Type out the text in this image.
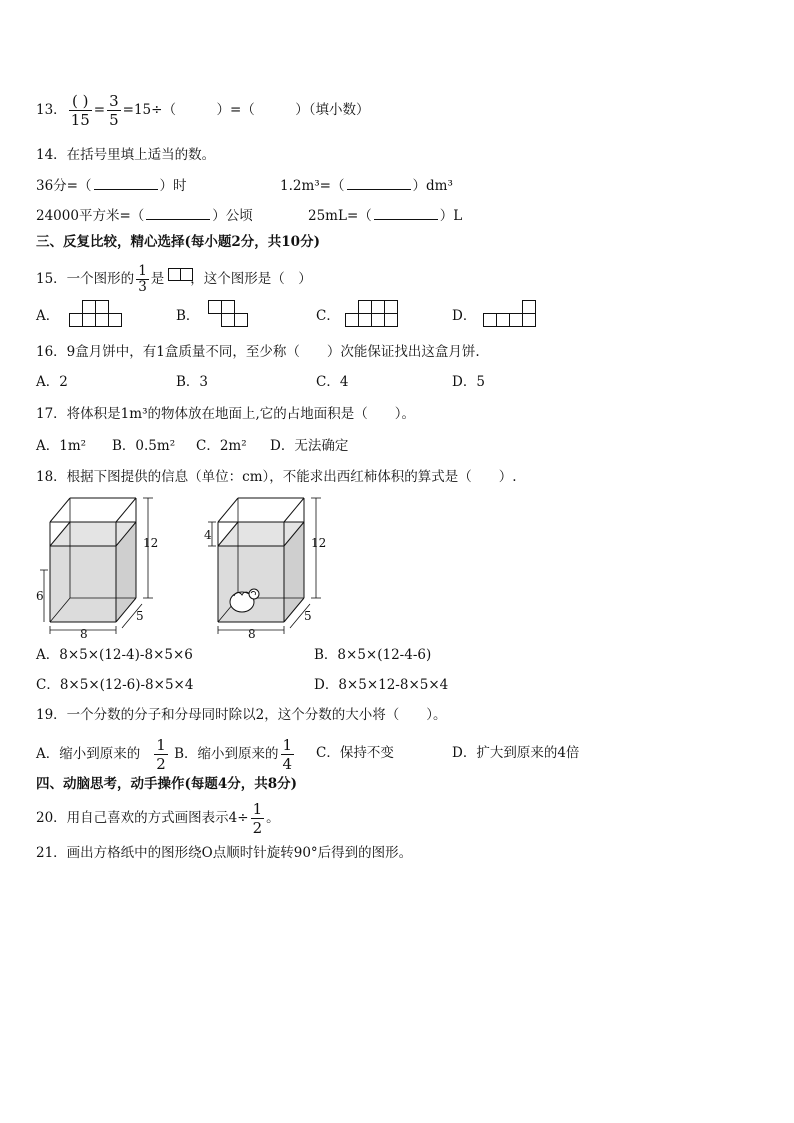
13． $\frac{( )}{15} = \frac{3}{5} =15\div$（　　　）=（　　　）（填小数）
14．在括号里填上适当的数。
36分=（	）时	1.2m³=（	）dm³
24000平方米=（	）公顷	25mL=（	）L
三、反复比较，精心选择(每小题2分，共10分)
15．一个图形的 $\frac{1}{3}$ 是 ，这个图形是（　）
A．	B．	C．	D．
16．9盒月饼中，有1盒质量不同，至少称（　　）次能保证找出这盒月饼.
A．2	B．3	C．4	D．5
17．将体积是1m³的物体放在地面上,它的占地面积是（　　）。
A．1m² B．0.5m² C．2m² D．无法确定
18．根据下图提供的信息（单位：cm），不能求出西红柿体积的算式是（　　）.
12
6
8
5
4
12
8
5
A．8×5×(12-4)-8×5×6	B．8×5×(12-4-6)
C．8×5×(12-6)-8×5×4	D．8×5×12-8×5×4
19．一个分数的分子和分母同时除以2，这个分数的大小将（　　）。
A．缩小到原来的 $\frac{1}{2}$ B．缩小到原来的 $\frac{1}{4}$ C．保持不变	D．扩大到原来的4倍
四、动脑思考，动手操作(每题4分，共8分)
20．用自己喜欢的方式画图表示$4\div \frac{1}{2}$ 。
21．画出方格纸中的图形绕O点顺时针旋转90°后得到的图形。
